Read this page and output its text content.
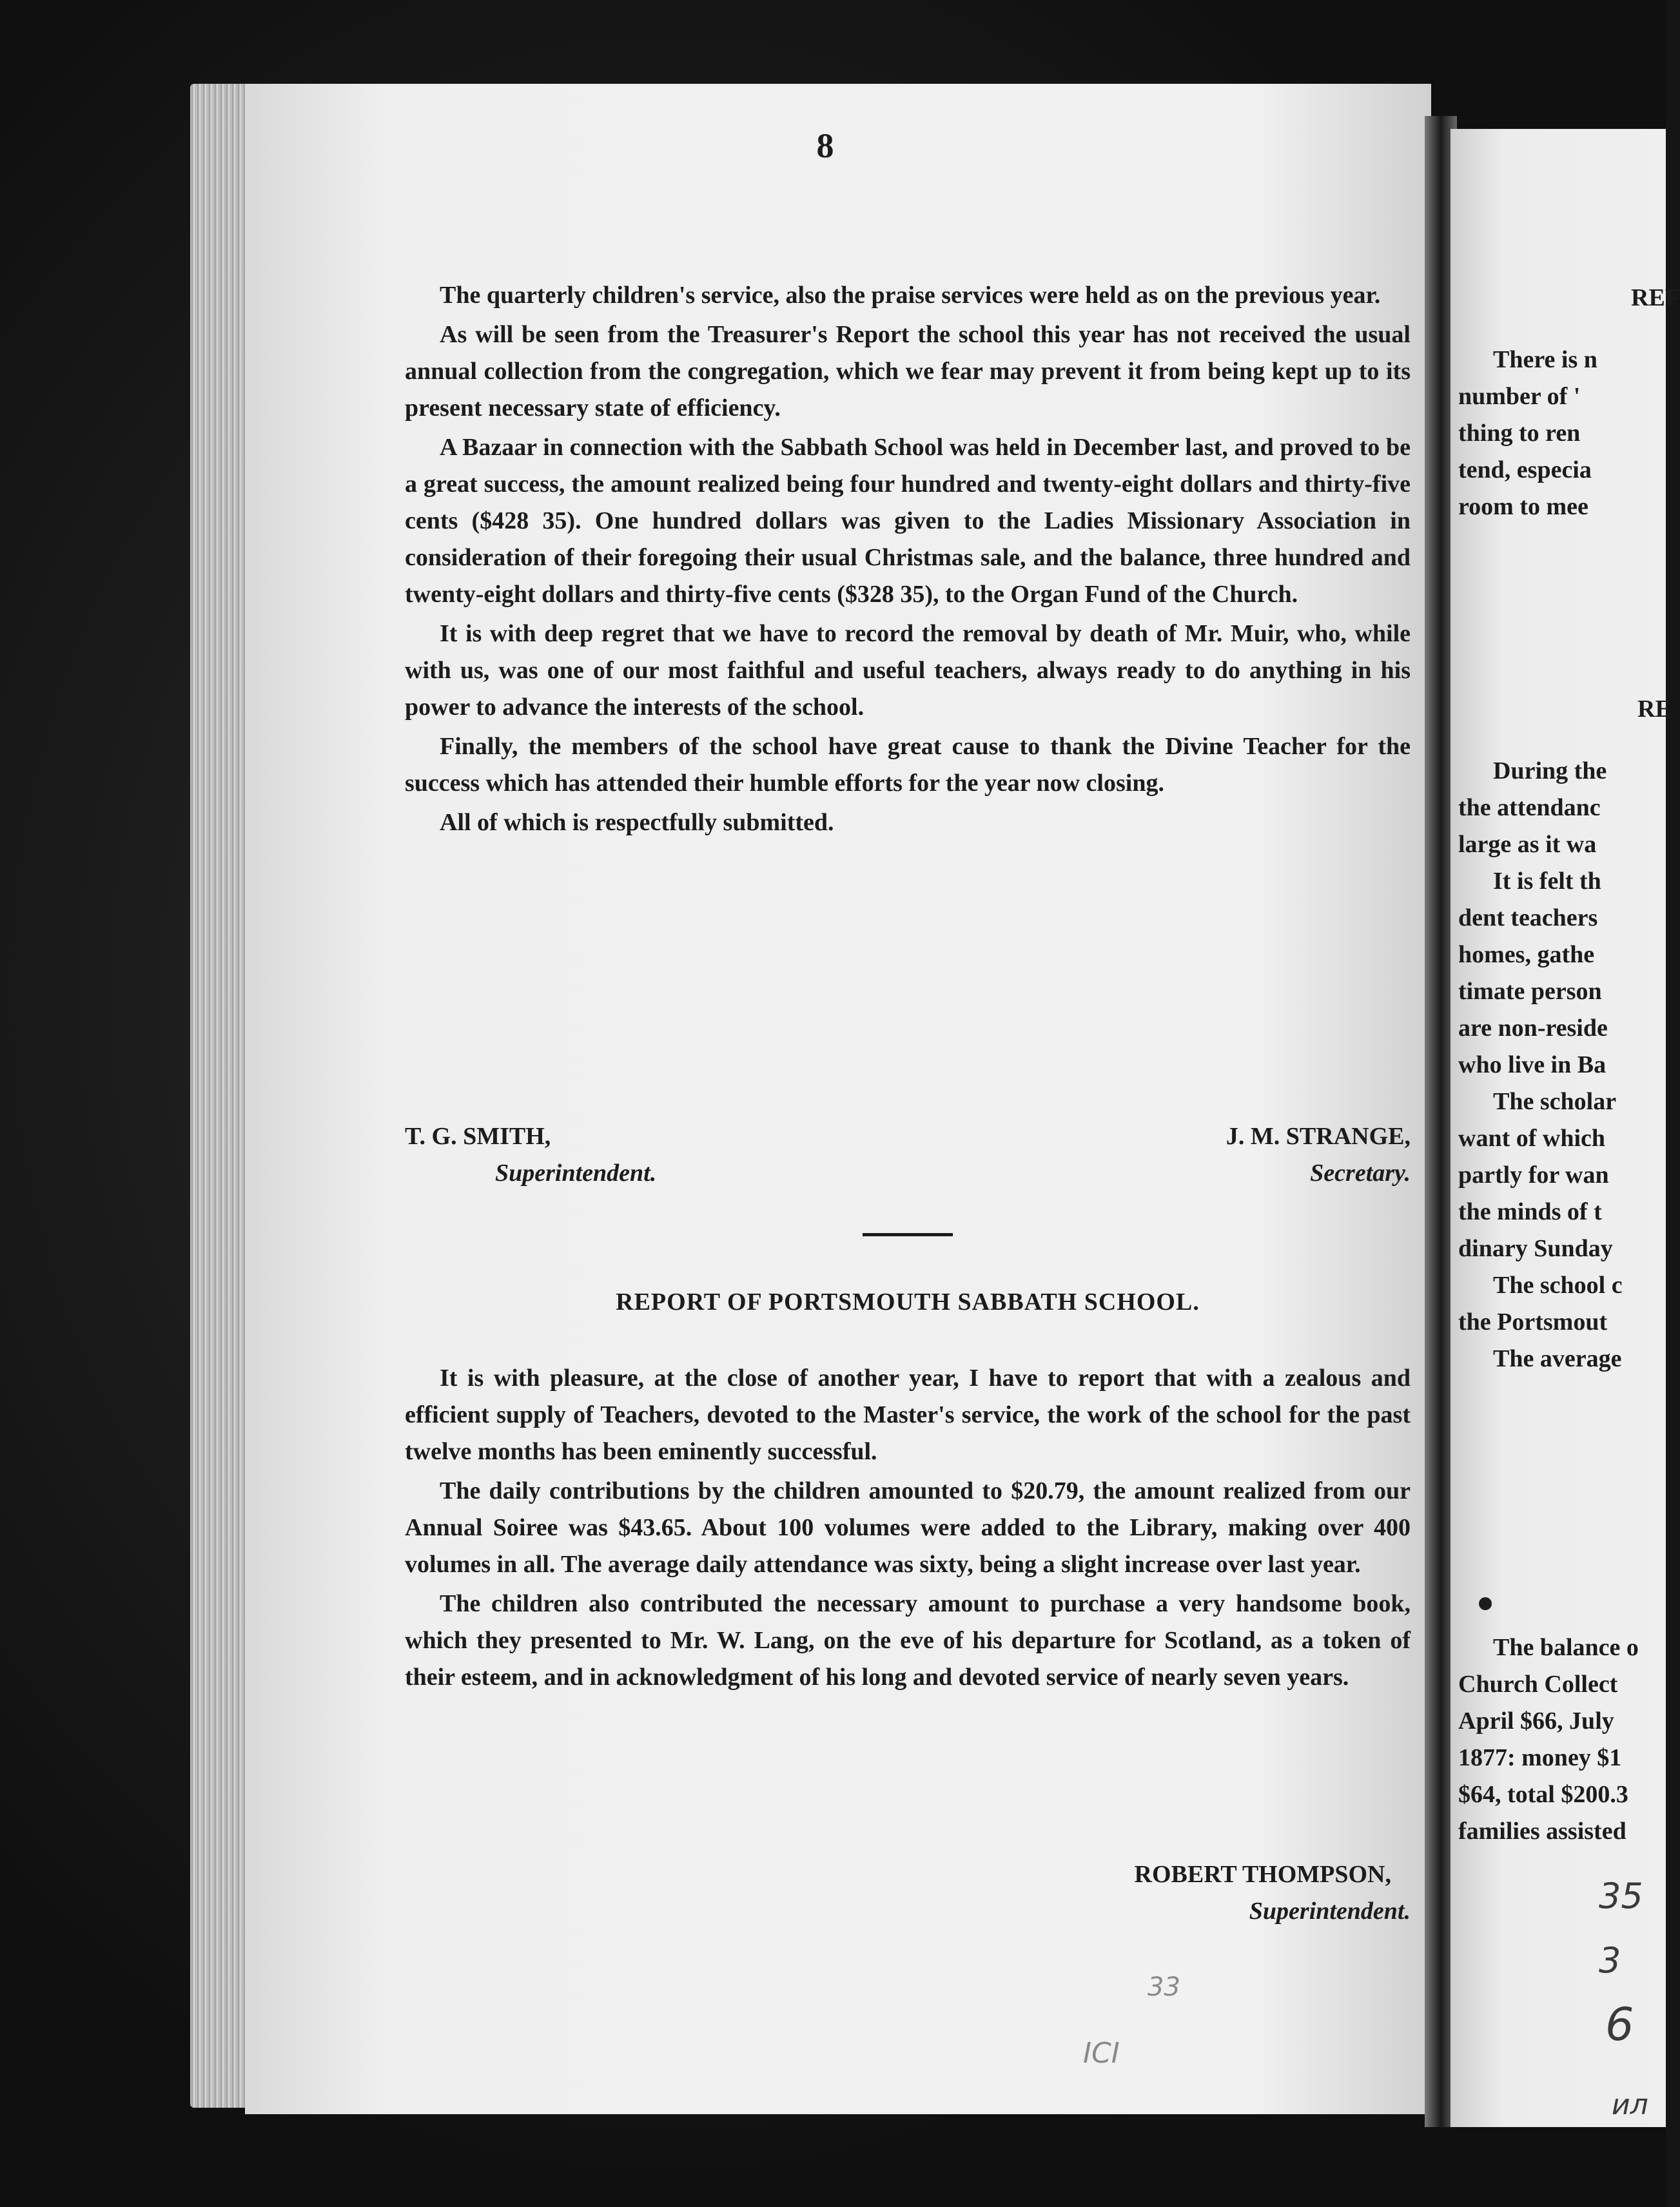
8

The quarterly children's service, also the praise services were held as on the previous year.

As will be seen from the Treasurer's Report the school this year has not received the usual annual collection from the congregation, which we fear may prevent it from being kept up to its present necessary state of efficiency.

A Bazaar in connection with the Sabbath School was held in December last, and proved to be a great success, the amount realized being four hundred and twenty-eight dollars and thirty-five cents ($428 35). One hundred dollars was given to the Ladies Missionary Association in consideration of their foregoing their usual Christmas sale, and the balance, three hundred and twenty-eight dollars and thirty-five cents ($328 35), to the Organ Fund of the Church.

It is with deep regret that we have to record the removal by death of Mr. Muir, who, while with us, was one of our most faithful and useful teachers, always ready to do anything in his power to advance the interests of the school.

Finally, the members of the school have great cause to thank the Divine Teacher for the success which has attended their humble efforts for the year now closing.

All of which is respectfully submitted.

T. G. SMITH,	J. M. STRANGE,
Superintendent.	Secretary.
REPORT OF PORTSMOUTH SABBATH SCHOOL.

It is with pleasure, at the close of another year, I have to report that with a zealous and efficient supply of Teachers, devoted to the Master's service, the work of the school for the past twelve months has been eminently successful.

The daily contributions by the children amounted to $20.79, the amount realized from our Annual Soiree was $43.65. About 100 volumes were added to the Library, making over 400 volumes in all. The average daily attendance was sixty, being a slight increase over last year.

The children also contributed the necessary amount to purchase a very handsome book, which they presented to Mr. W. Lang, on the eve of his departure for Scotland, as a token of their esteem, and in acknowledgment of his long and devoted service of nearly seven years.

ROBERT THOMPSON,
Superintendent.
REF
There is n
number of '
thing to ren
tend, especia
room to mee
RE
During the
the attendanc
large as it wa
It is felt th
dent teachers
homes, gathe
timate person
are non-reside
who live in Ba
The scholar
want of which
partly for wan
the minds of t
dinary Sunday
The school c
the Portsmout
The average
The balance o
Church Collect
April $66, July
1877: money $1
$64, total $200.3
families assisted
35
3
6
ил
ICI
33
